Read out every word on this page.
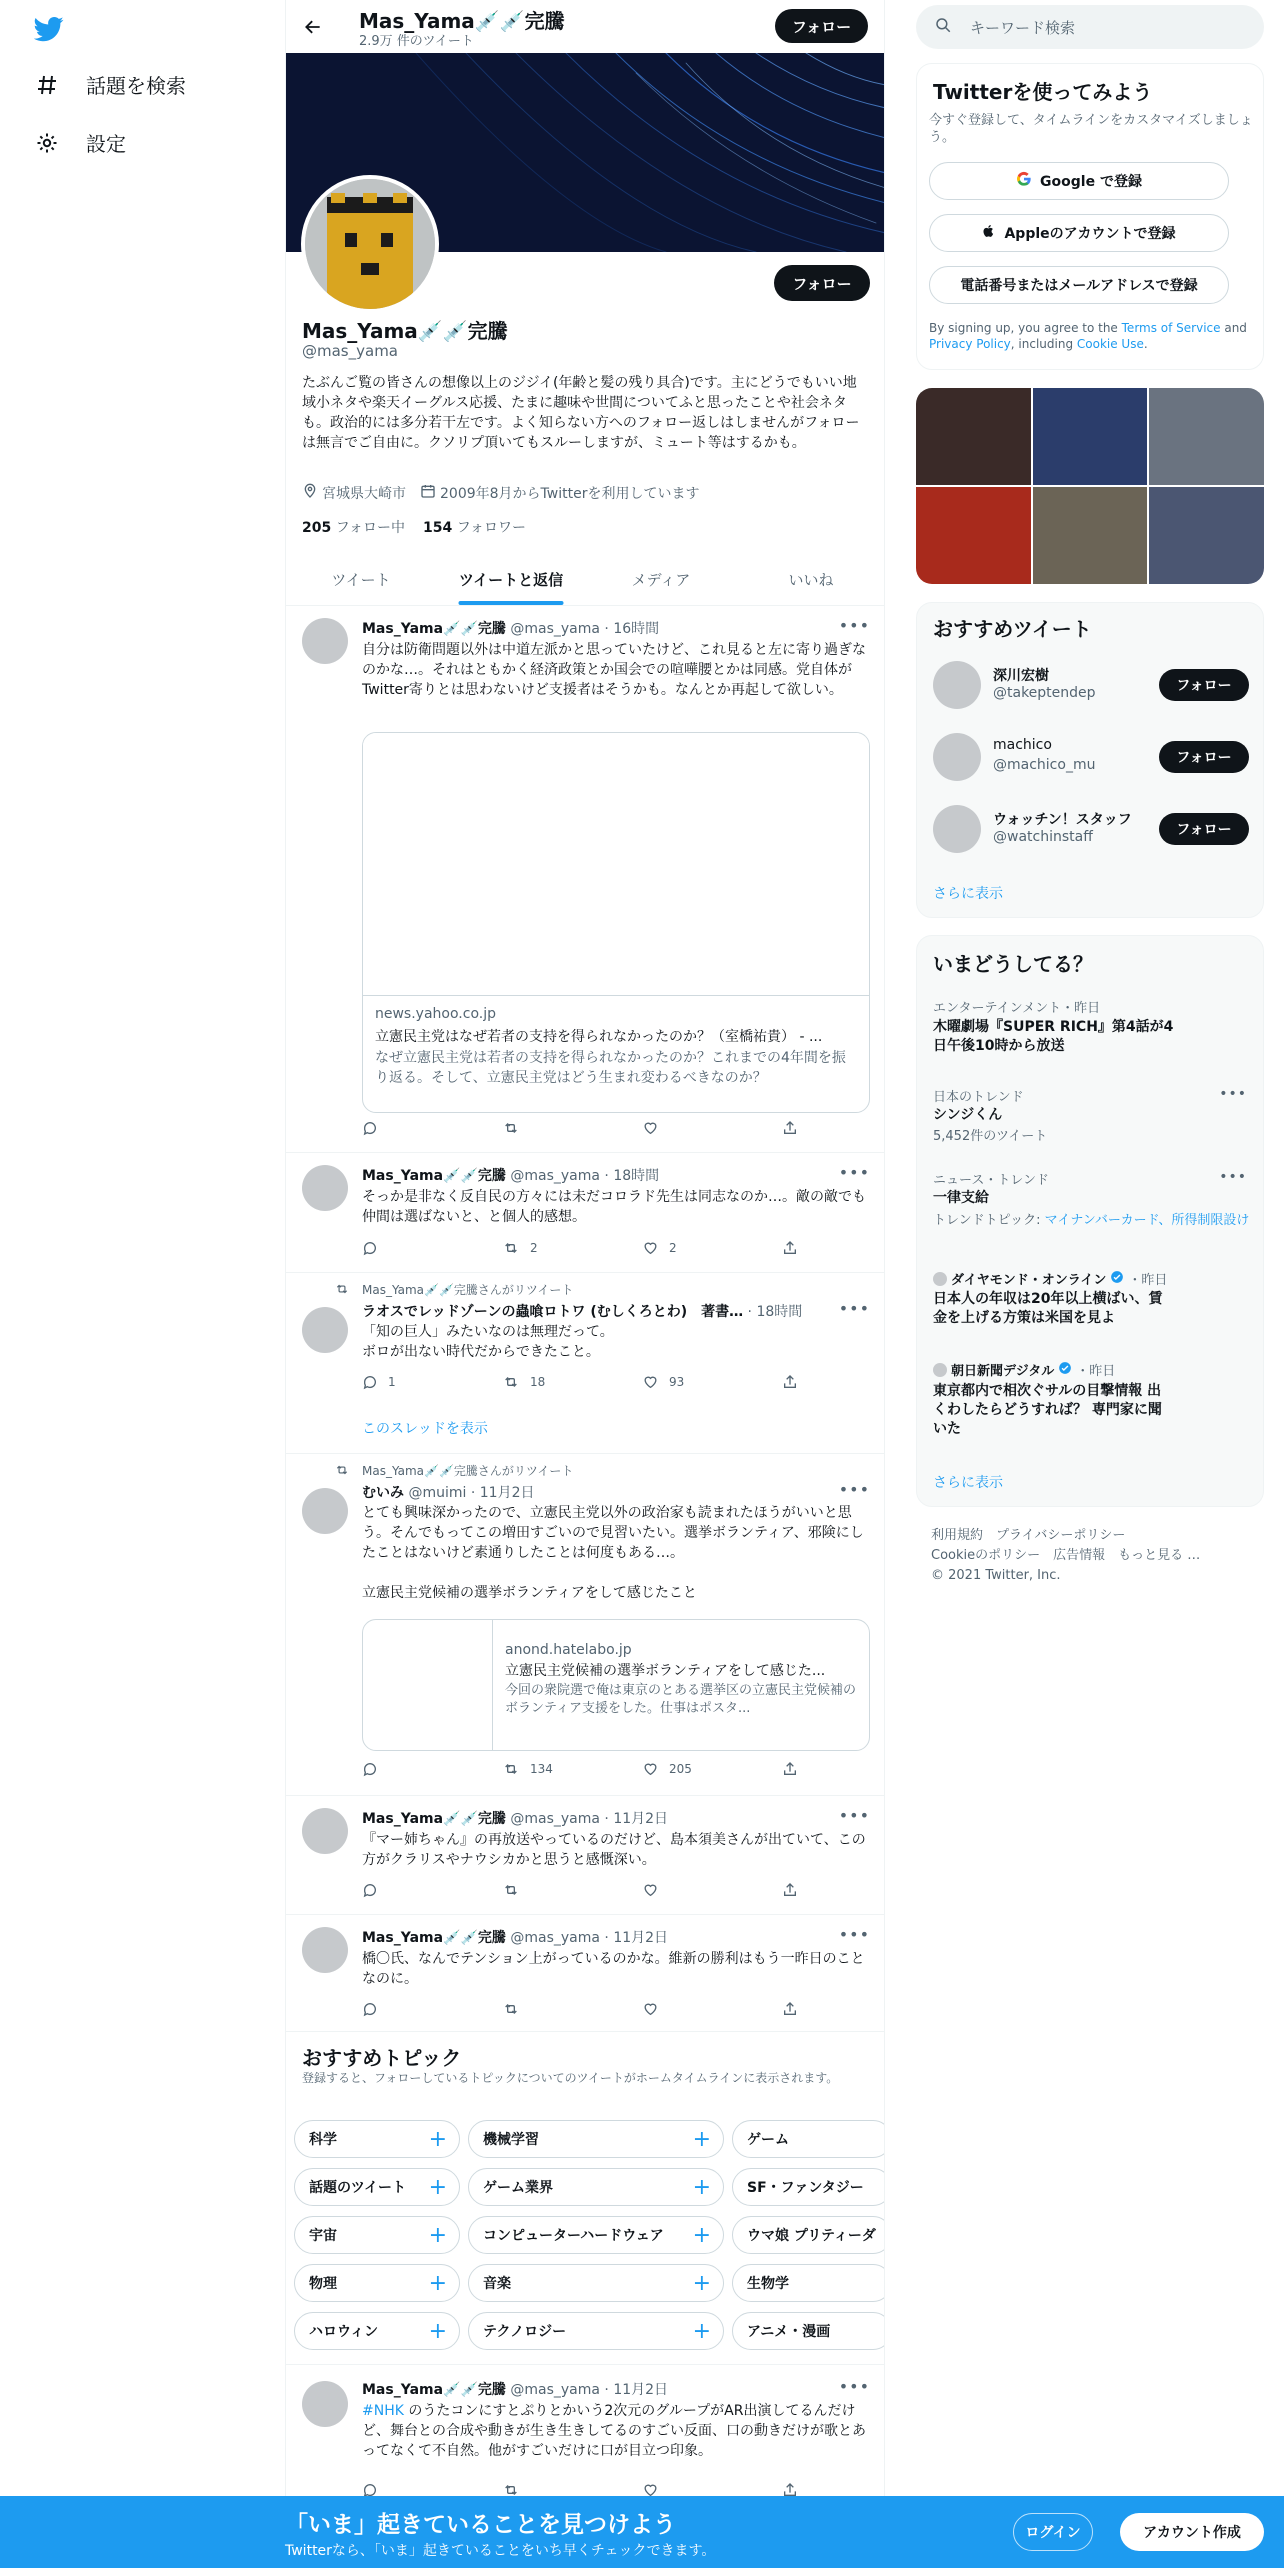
話題を検索
設定
Mas_Yama💉💉完騰
2.9万 件のツイート
フォロー
フォロー
Mas_Yama💉💉完騰
@mas_yama
たぶんご覧の皆さんの想像以上のジジイ(年齢と髪の残り具合)です。主にどうでもいい地域小ネタや楽天イーグルス応援、たまに趣味や世間についてふと思ったことや社会ネタも。政治的には多分若干左です。よく知らない方へのフォロー返しはしませんがフォローは無言でご自由に。クソリプ頂いてもスルーしますが、ミュート等はするかも。
宮城県大崎市 2009年8月からTwitterを利用しています
205 フォロー中 154 フォロワー
ツイート	ツイートと返信	メディア	いいね
Mas_Yama💉💉完騰 @mas_yama · 16時間	•••
自分は防衛問題以外は中道左派かと思っていたけど、これ見ると左に寄り過ぎなのかな…。それはともかく経済政策とか国会での喧嘩腰とかは同感。党自体がTwitter寄りとは思わないけど支援者はそうかも。なんとか再起して欲しい。
news.yahoo.co.jp
立憲民主党はなぜ若者の支持を得られなかったのか？（室橋祐貴） - ...
なぜ立憲民主党は若者の支持を得られなかったのか？これまでの4年間を振り返る。そして、立憲民主党はどう生まれ変わるべきなのか？
Mas_Yama💉💉完騰 @mas_yama · 18時間	•••
そっか是非なく反自民の方々には未だコロラド先生は同志なのか…。敵の敵でも仲間は選ばないと、と個人的感想。
2	2
Mas_Yama💉💉完騰さんがリツイート
ラオスでレッドゾーンの蟲喰ロトワ (むしくろとわ)　著書… · 18時間 •••
「知の巨人」みたいなのは無理だって。
ボロが出ない時代だからできたこと。
1	18	93
このスレッドを表示
Mas_Yama💉💉完騰さんがリツイート
むいみ @muimi · 11月2日	•••
とても興味深かったので、立憲民主党以外の政治家も読まれたほうがいいと思う。そんでもってこの増田すごいので見習いたい。選挙ボランティア、邪険にしたことはないけど素通りしたことは何度もある…。

立憲民主党候補の選挙ボランティアをして感じたこと
anond.hatelabo.jp
立憲民主党候補の選挙ボランティアをして感じた...
今回の衆院選で俺は東京のとある選挙区の立憲民主党候補のボランティア支援をした。仕事はポスタ...
134	205
Mas_Yama💉💉完騰 @mas_yama · 11月2日	•••
『マー姉ちゃん』の再放送やっているのだけど、島本須美さんが出ていて、この方がクラリスやナウシカかと思うと感慨深い。
Mas_Yama💉💉完騰 @mas_yama · 11月2日	•••
橋〇氏、なんでテンション上がっているのかな。維新の勝利はもう一昨日のことなのに。
おすすめトピック
登録すると、フォローしているトピックについてのツイートがホームタイムラインに表示されます。
科学	+	機械学習	+	ゲーム
話題のツイート +	ゲーム業界	+	SF・ファンタジー
宇宙	+	コンピューターハードウェア +	ウマ娘 プリティーダ
物理	+	音楽	+	生物学
ハロウィン +	テクノロジー	+	アニメ・漫画
Mas_Yama💉💉完騰 @mas_yama · 11月2日	•••
#NHK のうたコンにすとぷりとかいう2次元のグループがAR出演してるんだけど、舞台との合成や動きが生き生きしてるのすごい反面、口の動きだけが歌とあってなくて不自然。他がすごいだけに口が目立つ印象。
キーワード検索
Twitterを使ってみよう
今すぐ登録して、タイムラインをカスタマイズしましょう。
Google で登録
Appleのアカウントで登録
電話番号またはメールアドレスで登録
By signing up, you agree to the Terms of Service and Privacy Policy, including Cookie Use.
おすすめツイート
深川宏樹
@takeptendep	フォロー
machico
@machico_mu	フォロー
ウォッチン！スタッフ
@watchinstaff	フォロー
さらに表示
いまどうしてる？
エンターテインメント・昨日
木曜劇場『SUPER RICH』第4話が4日午後10時から放送
日本のトレンド	•••
シンジくん
5,452件のツイート
ニュース・トレンド	•••
一律支給
トレンドトピック: マイナンバーカード、所得制限設け
ダイヤモンド・オンライン ・昨日
日本人の年収は20年以上横ばい、賃金を上げる方策は米国を見よ
朝日新聞デジタル ・昨日
東京都内で相次ぐサルの目撃情報 出くわしたらどうすれば？ 専門家に聞いた
さらに表示
利用規約　プライバシーポリシー
Cookieのポリシー　広告情報　もっと見る …
© 2021 Twitter, Inc.
「いま」起きていることを見つけよう
Twitterなら、「いま」起きていることをいち早くチェックできます。
ログイン	アカウント作成
